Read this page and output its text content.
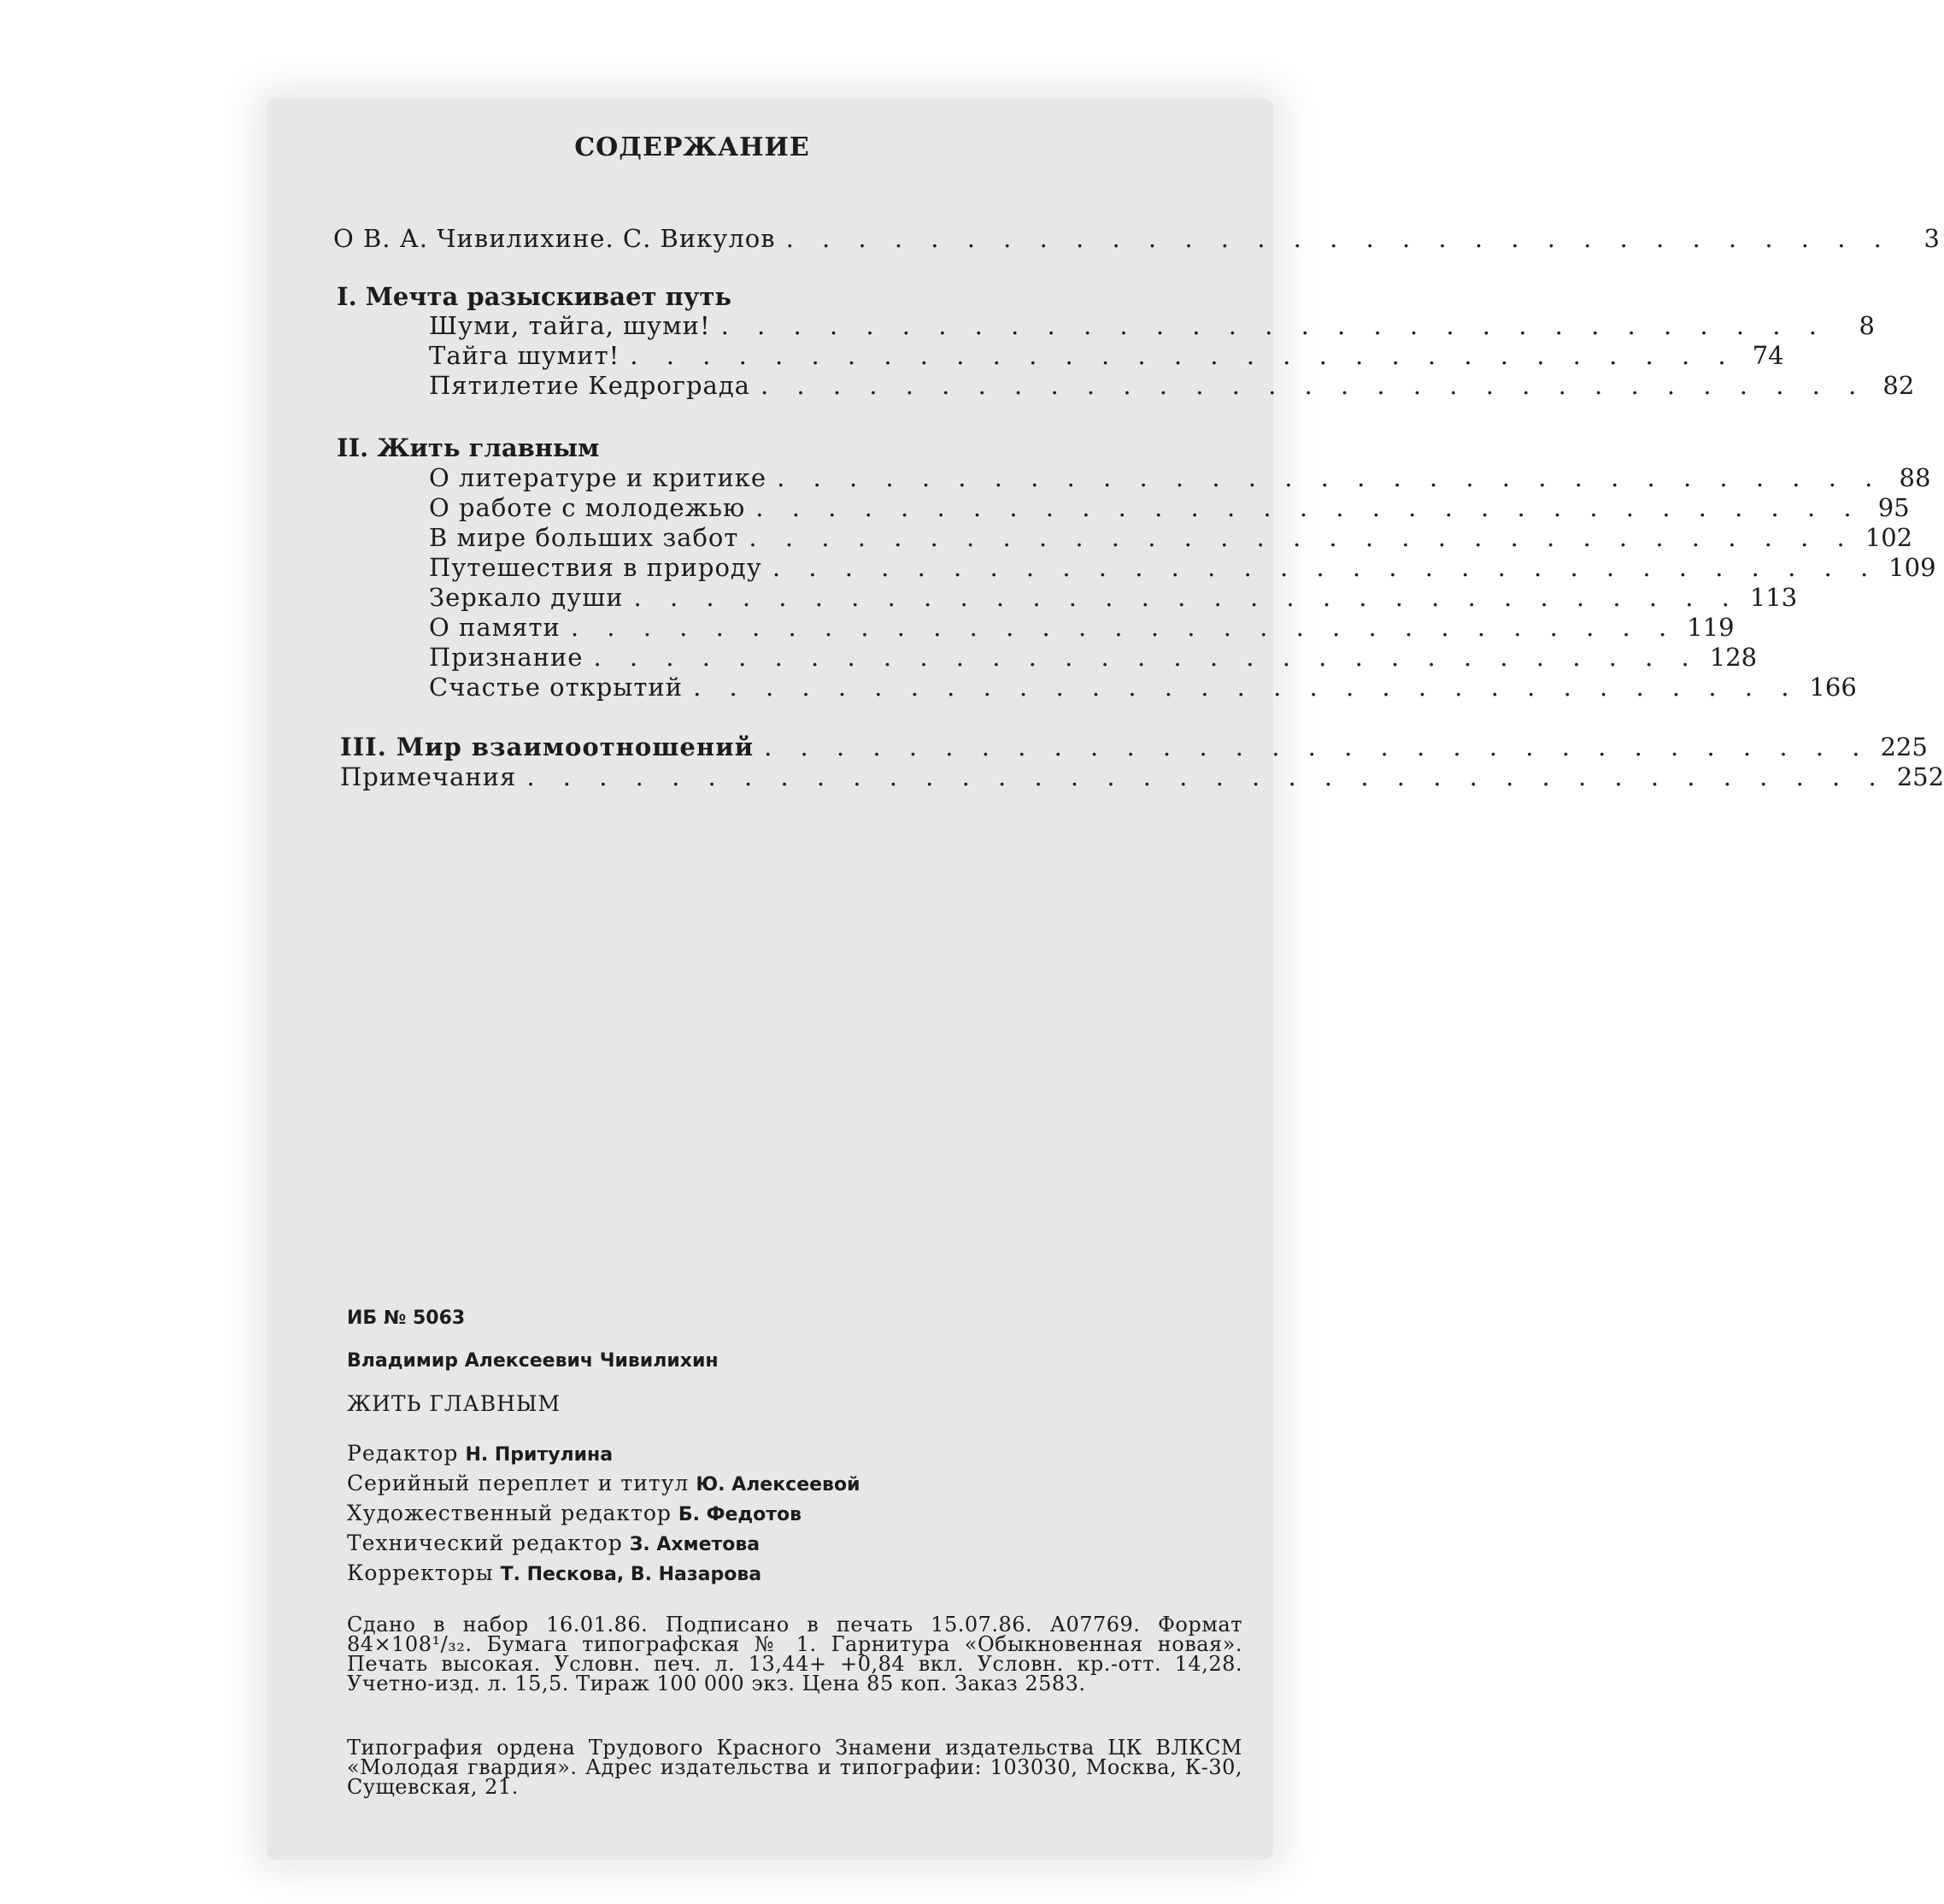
СОДЕРЖАНИЕ
О В. А. Чивилихине. С. Викулов . . . . . . . . . . . . . . . . . . . . . . . . . . . . . . .	3
I. Мечта разыскивает путь
Шуми, тайга, шуми! . . . . . . . . . . . . . . . . . . . . . . . . . . . . . . .	8
Тайга шумит! . . . . . . . . . . . . . . . . . . . . . . . . . . . . . . . 74
Пятилетие Кедрограда . . . . . . . . . . . . . . . . . . . . . . . . . . . . . . . 82
II. Жить главным
О литературе и критике . . . . . . . . . . . . . . . . . . . . . . . . . . . . . . . 88
О работе с молодежью . . . . . . . . . . . . . . . . . . . . . . . . . . . . . . . 95
В мире больших забот . . . . . . . . . . . . . . . . . . . . . . . . . . . . . . . 102
Путешествия в природу . . . . . . . . . . . . . . . . . . . . . . . . . . . . . . . 109
Зеркало души . . . . . . . . . . . . . . . . . . . . . . . . . . . . . . . 113
О памяти . . . . . . . . . . . . . . . . . . . . . . . . . . . . . . . 119
Признание . . . . . . . . . . . . . . . . . . . . . . . . . . . . . . . 128
Счастье открытий . . . . . . . . . . . . . . . . . . . . . . . . . . . . . . . 166
III. Мир взаимоотношений . . . . . . . . . . . . . . . . . . . . . . . . . . . . . . . 225
Примечания . . . . . . . . . . . . . . . . . . . . . . . . . . . . . . . . . . . . . . 252
ИБ № 5063
Владимир Алексеевич Чивилихин
ЖИТЬ ГЛАВНЫМ
Редактор Н. Притулина
Серийный переплет и титул Ю. Алексеевой
Художественный редактор Б. Федотов
Технический редактор З. Ахметова
Корректоры Т. Пескова, В. Назарова
Сдано в набор 16.01.86. Подписано в печать 15.07.86. А07769. Формат 84×108¹/₃₂. Бумага типографская № 1. Гарнитура «Обыкновенная новая». Печать высокая. Условн. печ. л. 13,44+ +0,84 вкл. Условн. кр.-отт. 14,28. Учетно-изд. л. 15,5. Тираж 100 000 экз. Цена 85 коп. Заказ 2583.
Типография ордена Трудового Красного Знамени издательства ЦК ВЛКСМ «Молодая гвардия». Адрес издательства и типографии: 103030, Москва, К-30, Сущевская, 21.
